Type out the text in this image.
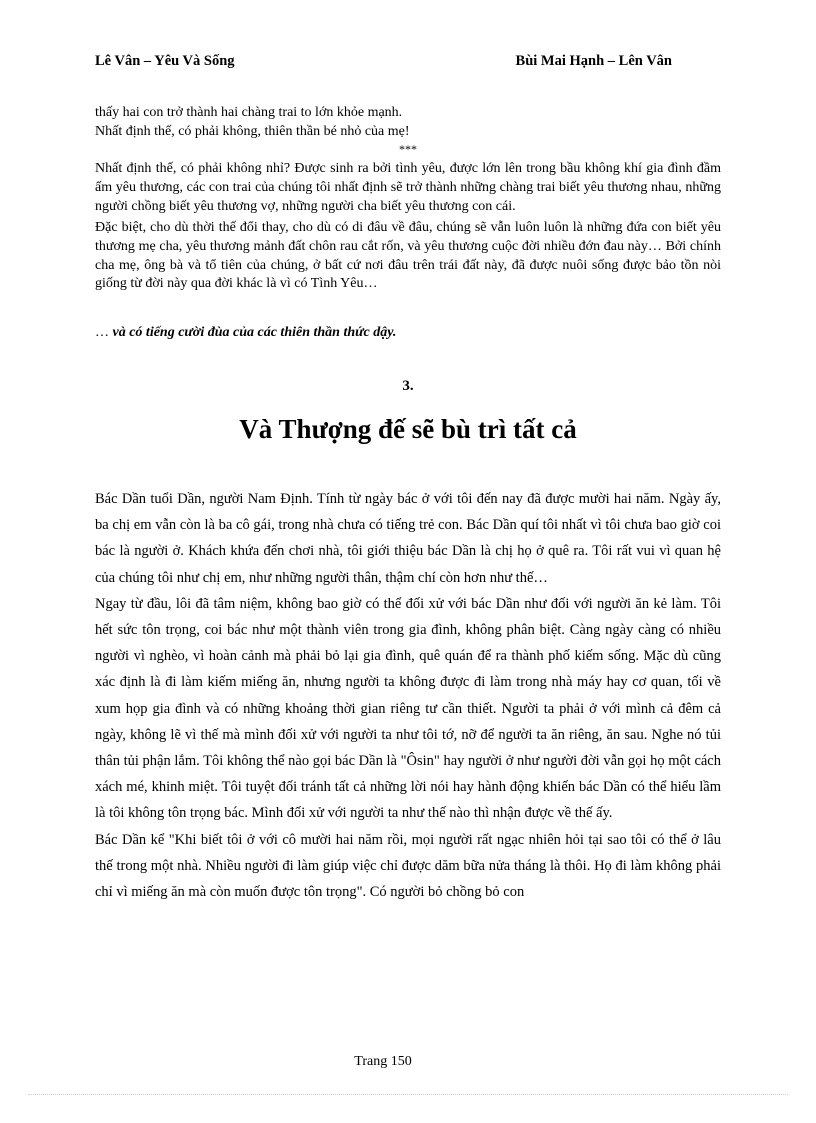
Lê Vân – Yêu Và Sống	Bùi Mai Hạnh – Lên Vân

thấy hai con trở thành hai chàng trai to lớn khỏe mạnh.

Nhất định thế, có phải không, thiên thần bé nhỏ của mẹ!

***

Nhất định thế, có phải không nhỉ? Được sinh ra bởi tình yêu, được lớn lên trong bầu không khí gia đình đầm ấm yêu thương, các con trai của chúng tôi nhất định sẽ trở thành những chàng trai biết yêu thương nhau, những người chồng biết yêu thương vợ, những người cha biết yêu thương con cái.

Đặc biệt, cho dù thời thế đổi thay, cho dù có di đâu về đâu, chúng sẽ vẫn luôn luôn là những đứa con biết yêu thương mẹ cha, yêu thương mảnh đất chôn rau cắt rốn, và yêu thương cuộc đời nhiều đớn đau này… Bởi chính cha mẹ, ông bà và tổ tiên của chúng, ở bất cứ nơi đâu trên trái đất này, đã được nuôi sống được bảo tồn nòi giống từ đời này qua đời khác là vì có Tình Yêu…

… và có tiếng cười đùa của các thiên thần thức dậy.
3.
Và Thượng đế sẽ bù trì tất cả

Bác Dần tuổi Dần, người Nam Định. Tính từ ngày bác ở với tôi đến nay đã được mười hai năm. Ngày ấy, ba chị em vẫn còn là ba cô gái, trong nhà chưa có tiếng trẻ con. Bác Dần quí tôi nhất vì tôi chưa bao giờ coi bác là người ở. Khách khứa đến chơi nhà, tôi giới thiệu bác Dần là chị họ ở quê ra. Tôi rất vui vì quan hệ của chúng tôi như chị em, như những người thân, thậm chí còn hơn như thế…

Ngay từ đầu, lôi đã tâm niệm, không bao giờ có thể đối xử với bác Dần như đối với người ăn kẻ làm. Tôi hết sức tôn trọng, coi bác như một thành viên trong gia đình, không phân biệt. Càng ngày càng có nhiều người vì nghèo, vì hoàn cảnh mà phải bỏ lại gia đình, quê quán để ra thành phố kiếm sống. Mặc dù cũng xác định là đi làm kiếm miếng ăn, nhưng người ta không được đi làm trong nhà máy hay cơ quan, tối về xum họp gia đình và có những khoảng thời gian riêng tư cần thiết. Người ta phải ở với mình cả đêm cả ngày, không lẽ vì thế mà mình đối xử với người ta như tôi tớ, nỡ để người ta ăn riêng, ăn sau. Nghe nó tủi thân tủi phận lắm. Tôi không thể nào gọi bác Dần là "Ôsin" hay người ở như người đời vẫn gọi họ một cách xách mé, khinh miệt. Tôi tuyệt đối tránh tất cả những lời nói hay hành động khiến bác Dần có thể hiểu lầm là tôi không tôn trọng bác. Mình đối xử với người ta như thế nào thì nhận được về thế ấy.

Bác Dần kể "Khi biết tôi ở với cô mười hai năm rồi, mọi người rất ngạc nhiên hỏi tại sao tôi có thể ở lâu thế trong một nhà. Nhiều người đi làm giúp việc chỉ được dăm bữa nửa tháng là thôi. Họ đi làm không phải chỉ vì miếng ăn mà còn muốn được tôn trọng". Có người bỏ chồng bỏ con

Trang 150
